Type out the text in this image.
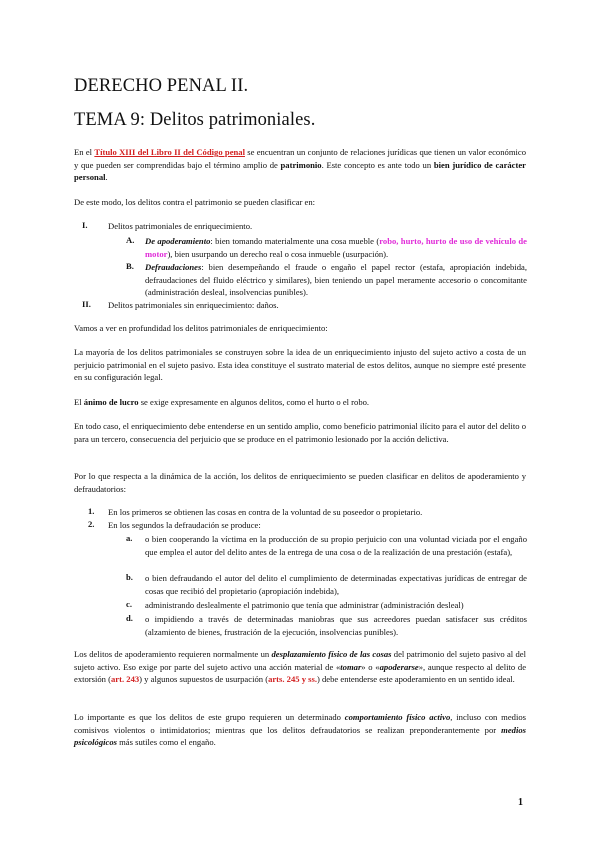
DERECHO PENAL II.
TEMA 9: Delitos patrimoniales.
En el Título XIII del Libro II del Código penal se encuentran un conjunto de relaciones jurídicas que tienen un valor económico y que pueden ser comprendidas bajo el término amplio de patrimonio. Este concepto es ante todo un bien jurídico de carácter personal.
De este modo, los delitos contra el patrimonio se pueden clasificar en:
I. Delitos patrimoniales de enriquecimiento.
A. De apoderamiento: bien tomando materialmente una cosa mueble (robo, hurto, hurto de uso de vehículo de motor), bien usurpando un derecho real o cosa inmueble (usurpación).
B. Defraudaciones: bien desempeñando el fraude o engaño el papel rector (estafa, apropiación indebida, defraudaciones del fluido eléctrico y similares), bien teniendo un papel meramente accesorio o concomitante (administración desleal, insolvencias punibles).
II. Delitos patrimoniales sin enriquecimiento: daños.
Vamos a ver en profundidad los delitos patrimoniales de enriquecimiento:
La mayoría de los delitos patrimoniales se construyen sobre la idea de un enriquecimiento injusto del sujeto activo a costa de un perjuicio patrimonial en el sujeto pasivo. Esta idea constituye el sustrato material de estos delitos, aunque no siempre esté presente en su configuración legal.
El ánimo de lucro se exige expresamente en algunos delitos, como el hurto o el robo.
En todo caso, el enriquecimiento debe entenderse en un sentido amplio, como beneficio patrimonial ilícito para el autor del delito o para un tercero, consecuencia del perjuicio que se produce en el patrimonio lesionado por la acción delictiva.
Por lo que respecta a la dinámica de la acción, los delitos de enriquecimiento se pueden clasificar en delitos de apoderamiento y defraudatorios:
1. En los primeros se obtienen las cosas en contra de la voluntad de su poseedor o propietario.
2. En los segundos la defraudación se produce:
a. o bien cooperando la víctima en la producción de su propio perjuicio con una voluntad viciada por el engaño que emplea el autor del delito antes de la entrega de una cosa o de la realización de una prestación (estafa),
b. o bien defraudando el autor del delito el cumplimiento de determinadas expectativas jurídicas de entregar de cosas que recibió del propietario (apropiación indebida),
c. administrando deslealmente el patrimonio que tenía que administrar (administración desleal)
d. o impidiendo a través de determinadas maniobras que sus acreedores puedan satisfacer sus créditos (alzamiento de bienes, frustración de la ejecución, insolvencias punibles).
Los delitos de apoderamiento requieren normalmente un desplazamiento físico de las cosas del patrimonio del sujeto pasivo al del sujeto activo. Eso exige por parte del sujeto activo una acción material de «tomar» o «apoderarse», aunque respecto al delito de extorsión (art. 243) y algunos supuestos de usurpación (arts. 245 y ss.) debe entenderse este apoderamiento en un sentido ideal.
Lo importante es que los delitos de este grupo requieren un determinado comportamiento físico activo, incluso con medios comisivos violentos o intimidatorios; mientras que los delitos defraudatorios se realizan preponderantemente por medios psicológicos más sutiles como el engaño.
1
